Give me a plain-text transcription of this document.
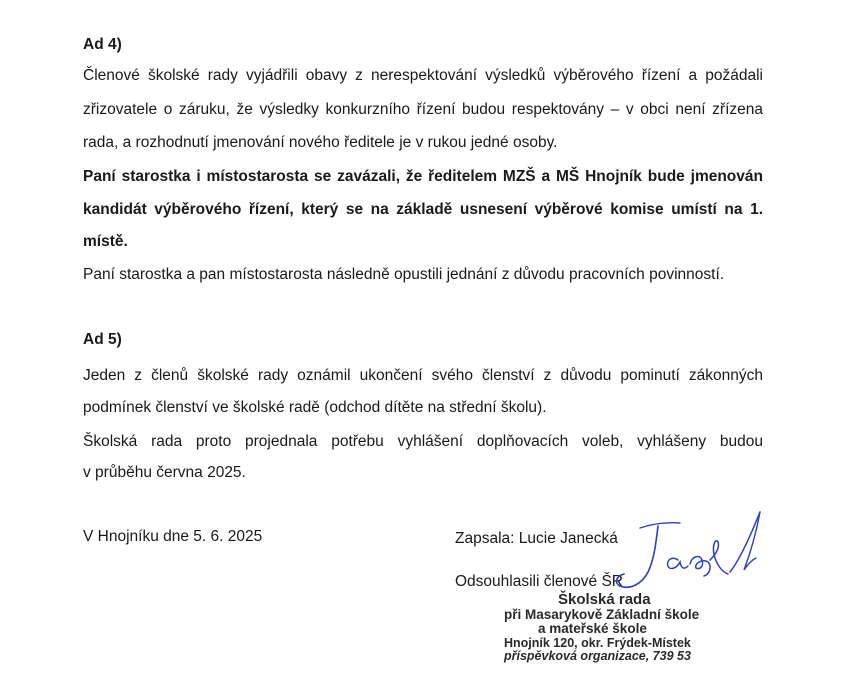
Ad 4)

Členové školské rady vyjádřili obavy z nerespektování výsledků výběrového řízení a požádali

zřizovatele o záruku, že výsledky konkurzního řízení budou respektovány – v obci není zřízena

rada, a rozhodnutí jmenování nového ředitele je v rukou jedné osoby.

Paní starostka i místostarosta se zavázali, že ředitelem MZŠ a MŠ Hnojník bude jmenován

kandidát výběrového řízení, který se na základě usnesení výběrové komise umístí na 1.

místě.

Paní starostka a pan místostarosta následně opustili jednání z důvodu pracovních povinností.

Ad 5)

Jeden z členů školské rady oznámil ukončení svého členství z důvodu pominutí zákonných

podmínek členství ve školské radě (odchod dítěte na střední školu).

Školská rada proto projednala potřebu vyhlášení doplňovacích voleb, vyhlášeny budou

v průběhu června 2025.

V Hnojníku dne 5. 6. 2025	Zapsala: Lucie Janecká
Odsouhlasili členové ŠR
Školská rada
při Masarykově Základní škole
a mateřské škole
Hnojník 120, okr. Frýdek-Místek
příspěvková organizace, 739 53
